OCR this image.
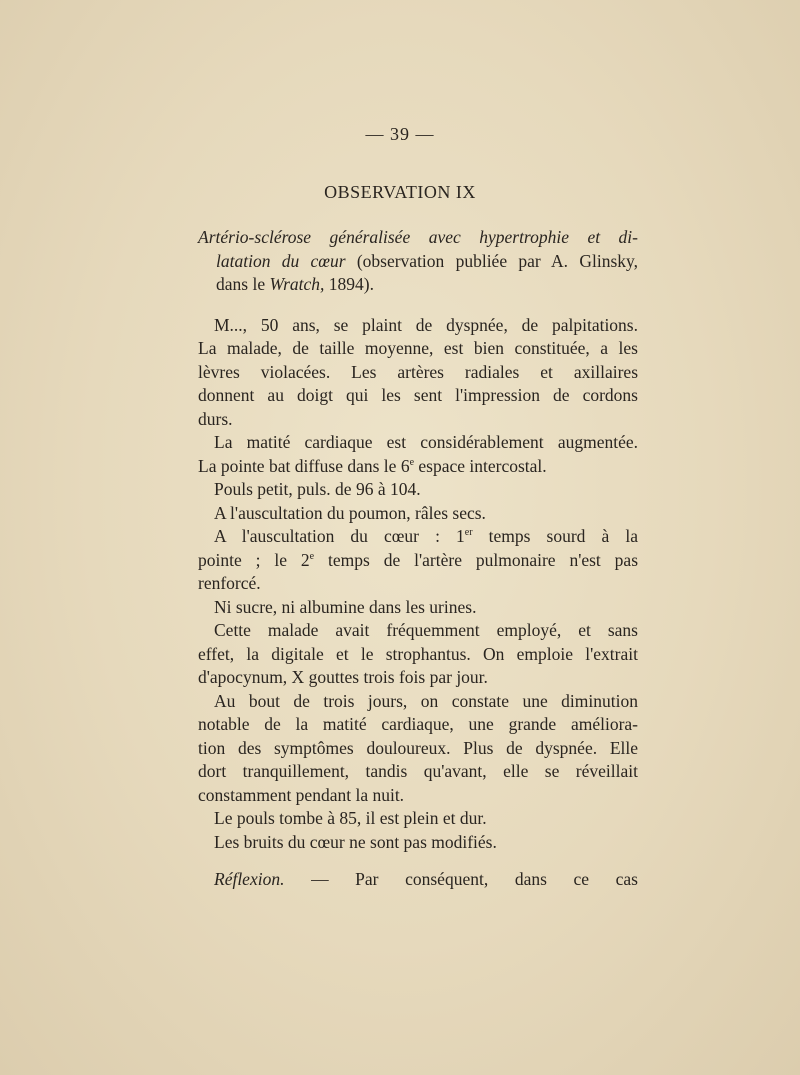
— 39 —
OBSERVATION IX
Artério-sclérose généralisée avec hypertrophie et di-
latation du cœur (observation publiée par A. Glinsky,
dans le Wratch, 1894).
M..., 50 ans, se plaint de dyspnée, de palpitations.
La malade, de taille moyenne, est bien constituée, a les
lèvres violacées. Les artères radiales et axillaires
donnent au doigt qui les sent l'impression de cordons
durs.
La matité cardiaque est considérablement augmentée.
La pointe bat diffuse dans le 6e espace intercostal.
Pouls petit, puls. de 96 à 104.
A l'auscultation du poumon, râles secs.
A l'auscultation du cœur : 1er temps sourd à la
pointe ; le 2e temps de l'artère pulmonaire n'est pas
renforcé.
Ni sucre, ni albumine dans les urines.
Cette malade avait fréquemment employé, et sans
effet, la digitale et le strophantus. On emploie l'extrait
d'apocynum, X gouttes trois fois par jour.
Au bout de trois jours, on constate une diminution
notable de la matité cardiaque, une grande améliora-
tion des symptômes douloureux. Plus de dyspnée. Elle
dort tranquillement, tandis qu'avant, elle se réveillait
constamment pendant la nuit.
Le pouls tombe à 85, il est plein et dur.
Les bruits du cœur ne sont pas modifiés.
Réflexion. — Par conséquent, dans ce cas
